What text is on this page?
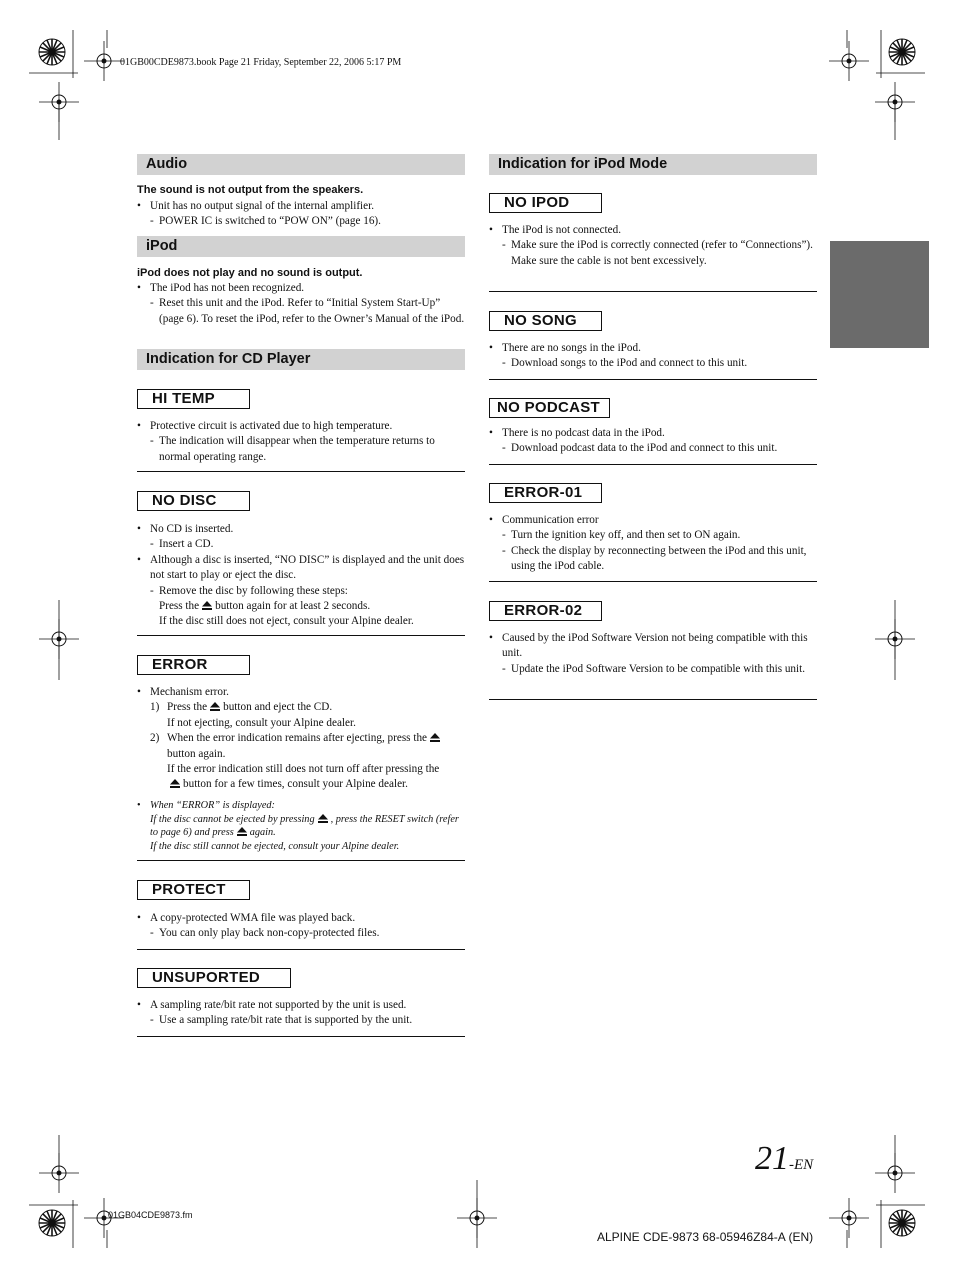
01GB00CDE9873.book Page 21 Friday, September 22, 2006 5:17 PM
Audio
The sound is not output from the speakers.

• Unit has no output signal of the internal amplifier.

- POWER IC is switched to “POW ON” (page 16).

iPod
iPod does not play and no sound is output.

• The iPod has not been recognized.

- Reset this unit and the iPod. Refer to “Initial System Start-Up” (page 6). To reset the iPod, refer to the Owner’s Manual of the iPod.

Indication for CD Player
HI TEMP

• Protective circuit is activated due to high temperature.

- The indication will disappear when the temperature returns to normal operating range.

NO DISC

• No CD is inserted.

- Insert a CD.

• Although a disc is inserted, “NO DISC” is displayed and the unit does not start to play or eject the disc.

- Remove the disc by following these steps:

Press the button again for at least 2 seconds.

If the disc still does not eject, consult your Alpine dealer.

ERROR

• Mechanism error.

1) Press the button and eject the CD.

If not ejecting, consult your Alpine dealer.

2) When the error indication remains after ejecting, press thebutton again.

If the error indication still does not turn off after pressing the

button for a few times, consult your Alpine dealer.

• When “ERROR” is displayed:

If the disc cannot be ejected by pressing , press the RESET switch (refer to page 6) and press again.

If the disc still cannot be ejected, consult your Alpine dealer.

PROTECT

• A copy-protected WMA file was played back.

- You can only play back non-copy-protected files.

UNSUPORTED

• A sampling rate/bit rate not supported by the unit is used.

- Use a sampling rate/bit rate that is supported by the unit.

Indication for iPod Mode
NO IPOD

• The iPod is not connected.

- Make sure the iPod is correctly connected (refer to “Connections”).

Make sure the cable is not bent excessively.

NO SONG

• There are no songs in the iPod.

- Download songs to the iPod and connect to this unit.

NO PODCAST

• There is no podcast data in the iPod.

- Download podcast data to the iPod and connect to this unit.

ERROR-01

• Communication error

- Turn the ignition key off, and then set to ON again.

- Check the display by reconnecting between the iPod and this unit, using the iPod cable.

ERROR-02

• Caused by the iPod Software Version not being compatible with this unit.

- Update the iPod Software Version to be compatible with this unit.

21-EN
01GB04CDE9873.fm
ALPINE CDE-9873 68-05946Z84-A (EN)
